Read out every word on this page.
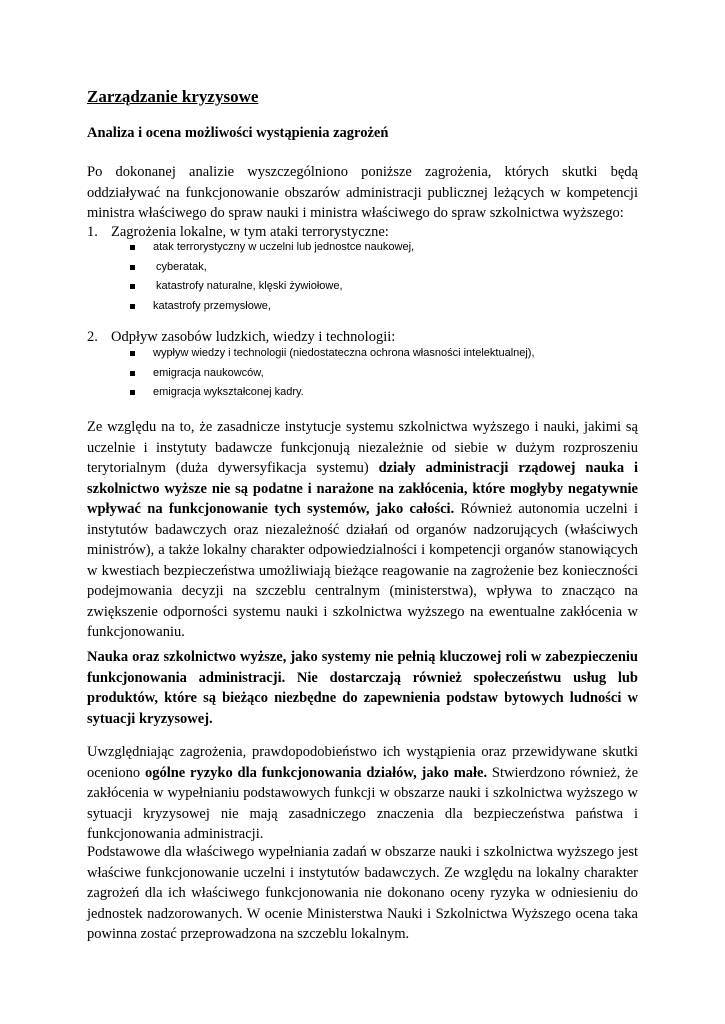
Zarządzanie kryzysowe
Analiza i ocena możliwości wystąpienia zagrożeń

Po dokonanej analizie wyszczególniono poniższe zagrożenia, których skutki będą oddziaływać na funkcjonowanie obszarów administracji publicznej leżących w kompetencji ministra właściwego do spraw nauki i ministra właściwego do spraw szkolnictwa wyższego:

1. Zagrożenia lokalne, w tym ataki terrorystyczne:
atak terrorystyczny w uczelni lub jednostce naukowej,
cyberatak,
katastrofy naturalne, klęski żywiołowe,
katastrofy przemysłowe,
2. Odpływ zasobów ludzkich, wiedzy i technologii:
wypływ wiedzy i technologii (niedostateczna ochrona własności intelektualnej),
emigracja naukowców,
emigracja wykształconej kadry.

Ze względu na to, że zasadnicze instytucje systemu szkolnictwa wyższego i nauki, jakimi są uczelnie i instytuty badawcze funkcjonują niezależnie od siebie w dużym rozproszeniu terytorialnym (duża dywersyfikacja systemu) działy administracji rządowej nauka i szkolnictwo wyższe nie są podatne i narażone na zakłócenia, które mogłyby negatywnie wpływać na funkcjonowanie tych systemów, jako całości. Również autonomia uczelni i instytutów badawczych oraz niezależność działań od organów nadzorujących (właściwych ministrów), a także lokalny charakter odpowiedzialności i kompetencji organów stanowiących w kwestiach bezpieczeństwa umożliwiają bieżące reagowanie na zagrożenie bez konieczności podejmowania decyzji na szczeblu centralnym (ministerstwa), wpływa to znacząco na zwiększenie odporności systemu nauki i szkolnictwa wyższego na ewentualne zakłócenia w funkcjonowaniu.

Nauka oraz szkolnictwo wyższe, jako systemy nie pełnią kluczowej roli w zabezpieczeniu funkcjonowania administracji. Nie dostarczają również społeczeństwu usług lub produktów, które są bieżąco niezbędne do zapewnienia podstaw bytowych ludności w sytuacji kryzysowej.

Uwzględniając zagrożenia, prawdopodobieństwo ich wystąpienia oraz przewidywane skutki oceniono ogólne ryzyko dla funkcjonowania działów, jako małe. Stwierdzono również, że zakłócenia w wypełnianiu podstawowych funkcji w obszarze nauki i szkolnictwa wyższego w sytuacji kryzysowej nie mają zasadniczego znaczenia dla bezpieczeństwa państwa i funkcjonowania administracji.

Podstawowe dla właściwego wypełniania zadań w obszarze nauki i szkolnictwa wyższego jest właściwe funkcjonowanie uczelni i instytutów badawczych. Ze względu na lokalny charakter zagrożeń dla ich właściwego funkcjonowania nie dokonano oceny ryzyka w odniesieniu do jednostek nadzorowanych. W ocenie Ministerstwa Nauki i Szkolnictwa Wyższego ocena taka powinna zostać przeprowadzona na szczeblu lokalnym.
